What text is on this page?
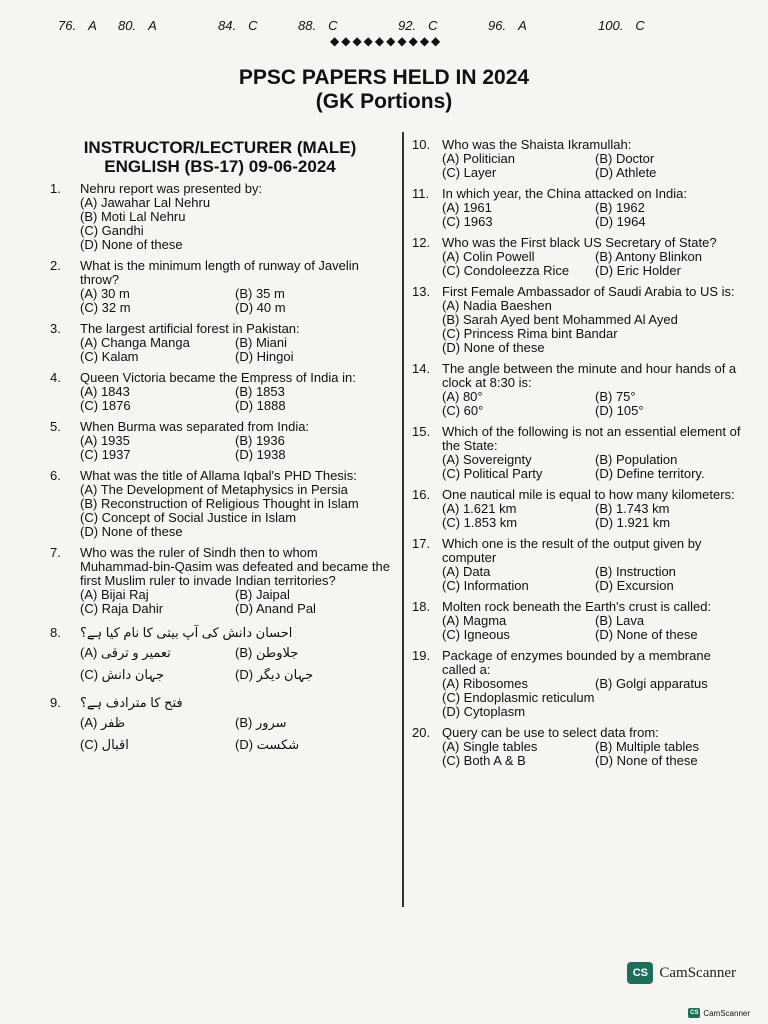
76. A 80. A	84. C	88. C	92. C	96. A	100. C
◆◆◆◆◆◆◆◆◆◆
PPSC PAPERS HELD IN 2024
(GK Portions)
INSTRUCTOR/LECTURER (MALE)
ENGLISH (BS-17) 09-06-2024
1.	Nehru report was presented by:
(A) Jawahar Lal Nehru
(B) Moti Lal Nehru
(C) Gandhi
(D) None of these
2.	What is the minimum length of runway of Javelin throw?
(A) 30 m	(B) 35 m
(C) 32 m	(D) 40 m
3.	The largest artificial forest in Pakistan:
(A) Changa Manga	(B) Miani
(C) Kalam	(D) Hingoi
4.	Queen Victoria became the Empress of India in:
(A) 1843	(B) 1853
(C) 1876	(D) 1888
5.	When Burma was separated from India:
(A) 1935	(B) 1936
(C) 1937	(D) 1938
6.	What was the title of Allama Iqbal's PHD Thesis:
(A) The Development of Metaphysics in Persia
(B) Reconstruction of Religious Thought in Islam
(C) Concept of Social Justice in Islam
(D) None of these
7.	Who was the ruler of Sindh then to whom Muhammad-bin-Qasim was defeated and became the first Muslim ruler to invade Indian territories?
(A) Bijai Raj	(B) Jaipal
(C) Raja Dahir	(D) Anand Pal
8.	احسان دانش کی آپ بیتی کا نام کیا ہے؟
(A) تعمیر و ترقی	(B) جلاوطن
(C) جہانِ دانش	(D) جہانِ دیگر
9.	فتح کا مترادف ہے؟
(A) ظفر	(B) سرور
(C) اقبال	(D) شکست
10. Who was the Shaista Ikramullah:
(A) Politician	(B) Doctor
(C) Layer	(D) Athlete
11. In which year, the China attacked on India:
(A) 1961	(B) 1962
(C) 1963	(D) 1964
12. Who was the First black US Secretary of State?
(A) Colin Powell	(B) Antony Blinkon
(C) Condoleezza Rice	(D) Eric Holder
13. First Female Ambassador of Saudi Arabia to US is:
(A) Nadia Baeshen
(B) Sarah Ayed bent Mohammed Al Ayed
(C) Princess Rima bint Bandar
(D) None of these
14. The angle between the minute and hour hands of a clock at 8:30 is:
(A) 80°	(B) 75°
(C) 60°	(D) 105°
15. Which of the following is not an essential element of the State:
(A) Sovereignty	(B) Population
(C) Political Party	(D) Define territory.
16. One nautical mile is equal to how many kilometers:
(A) 1.621 km	(B) 1.743 km
(C) 1.853 km	(D) 1.921 km
17. Which one is the result of the output given by computer
(A) Data	(B) Instruction
(C) Information	(D) Excursion
18. Molten rock beneath the Earth's crust is called:
(A) Magma	(B) Lava
(C) Igneous	(D) None of these
19. Package of enzymes bounded by a membrane called a:
(A) Ribosomes	(B) Golgi apparatus
(C) Endoplasmic reticulum
(D) Cytoplasm
20. Query can be use to select data from:
(A) Single tables	(B) Multiple tables
(C) Both A & B	(D) None of these
CS CamScanner
CS CamScanner
